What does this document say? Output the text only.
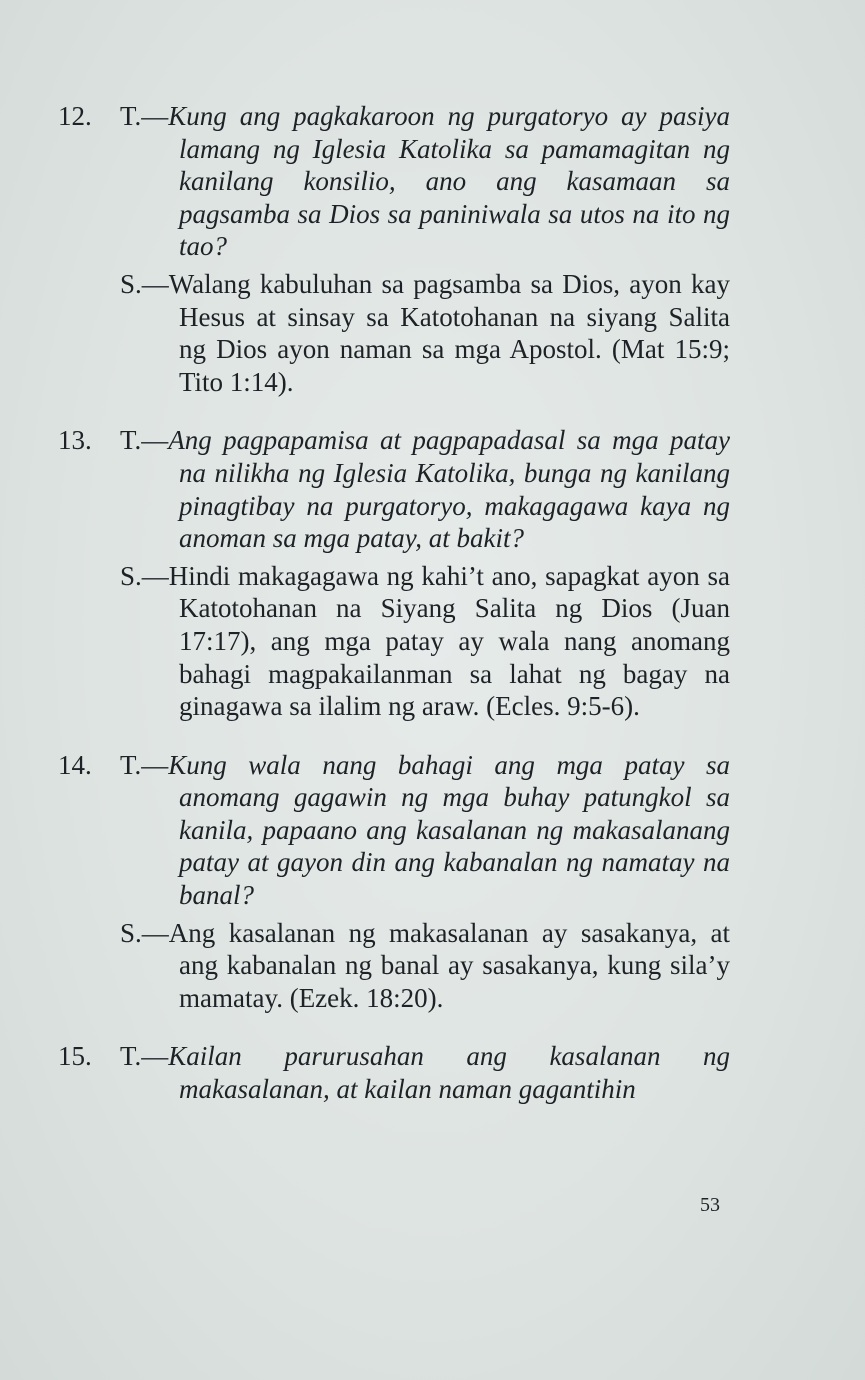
12.	T.—Kung ang pagkakaroon ng purgatoryo ay pasiya lamang ng Iglesia Katolika sa pamamagitan ng kanilang konsilio, ano ang kasamaan sa pagsamba sa Dios sa paniniwala sa utos na ito ng tao?
S.—Walang kabuluhan sa pagsamba sa Dios, ayon kay Hesus at sinsay sa Katotohanan na siyang Salita ng Dios ayon naman sa mga Apostol. (Mat 15:9; Tito 1:14).
13.	T.—Ang pagpapamisa at pagpapadasal sa mga patay na nilikha ng Iglesia Katolika, bunga ng kanilang pinagtibay na purgatoryo, makagagawa kaya ng anoman sa mga patay, at bakit?
S.—Hindi makagagawa ng kahi’t ano, sapagkat ayon sa Katotohanan na Siyang Salita ng Dios (Juan 17:17), ang mga patay ay wala nang anomang bahagi magpakailanman sa lahat ng bagay na ginagawa sa ilalim ng araw. (Ecles. 9:5-6).
14.	T.—Kung wala nang bahagi ang mga patay sa anomang gagawin ng mga buhay patungkol sa kanila, papaano ang kasalanan ng makasalanang patay at gayon din ang kabanalan ng namatay na banal?
S.—Ang kasalanan ng makasalanan ay sasakanya, at ang kabanalan ng banal ay sasakanya, kung sila’y mamatay. (Ezek. 18:20).
15.	T.—Kailan parurusahan ang kasalanan ng makasalanan, at kailan naman gagantihin
53
